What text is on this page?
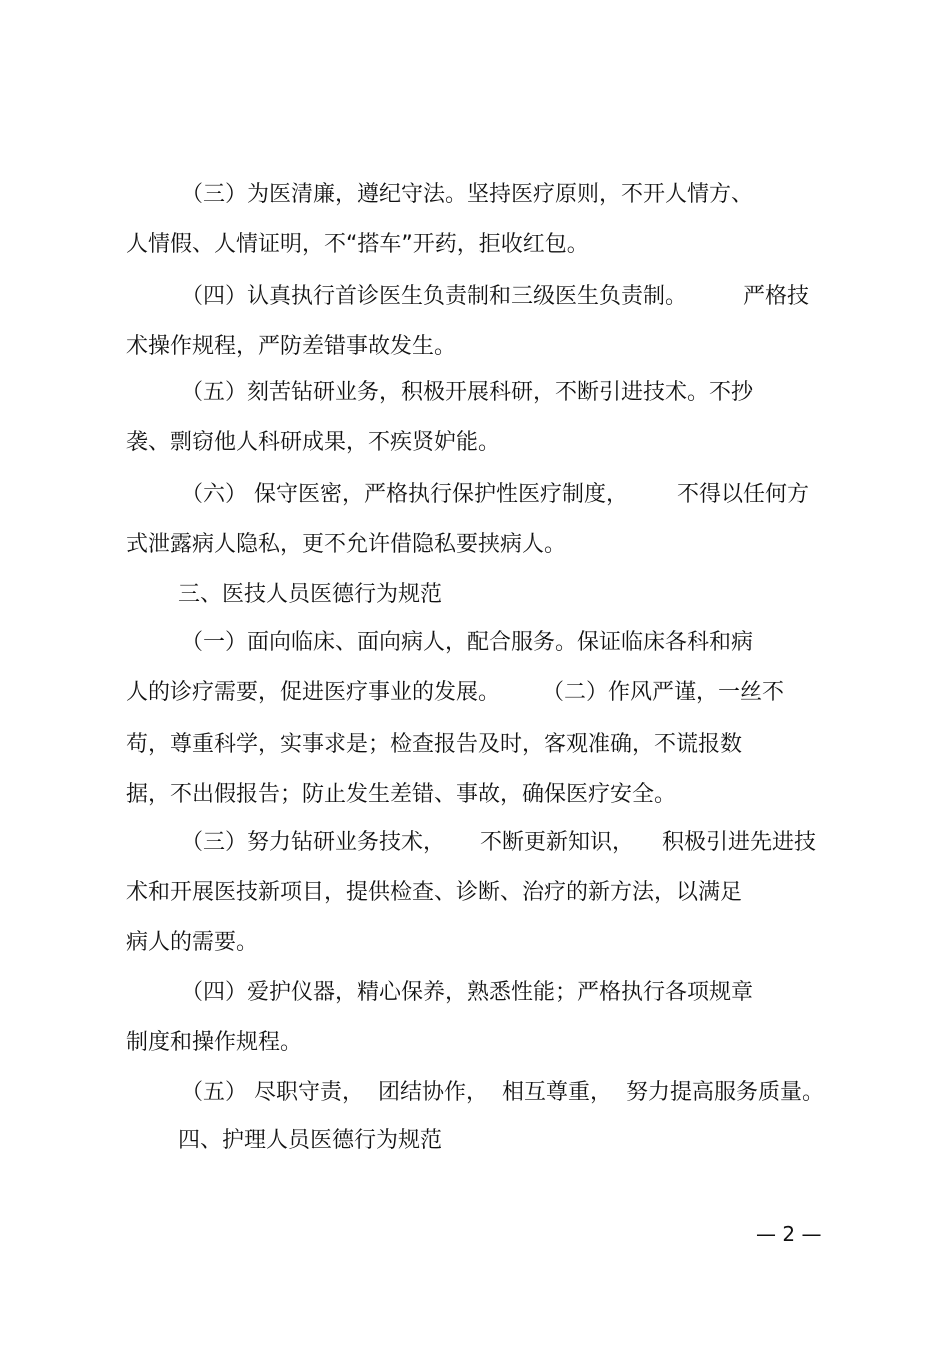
（三）为医清廉，遵纪守法。坚持医疗原则，不开人情方、
人情假、人情证明，不“搭车”开药，拒收红包。
（四）认真执行首诊医生负责制和三级医生负责制。        严格技
术操作规程，严防差错事故发生。
（五）刻苦钻研业务，积极开展科研，不断引进技术。不抄
袭、剽窃他人科研成果，不疾贤妒能。
（六） 保守医密，严格执行保护性医疗制度，       不得以任何方
式泄露病人隐私，更不允许借隐私要挟病人。
三、医技人员医德行为规范
（一）面向临床、面向病人，配合服务。保证临床各科和病
人的诊疗需要，促进医疗事业的发展。      （二）作风严谨，一丝不
苟，尊重科学，实事求是；检查报告及时，客观准确，不谎报数
据，不出假报告；防止发生差错、事故，确保医疗安全。
（三）努力钻研业务技术，     不断更新知识，    积极引进先进技
术和开展医技新项目，提供检查、诊断、治疗的新方法，以满足
病人的需要。
（四）爱护仪器，精心保养，熟悉性能；严格执行各项规章
制度和操作规程。
（五） 尽职守责，  团结协作，  相互尊重，  努力提高服务质量。
四、护理人员医德行为规范
— 2 —
